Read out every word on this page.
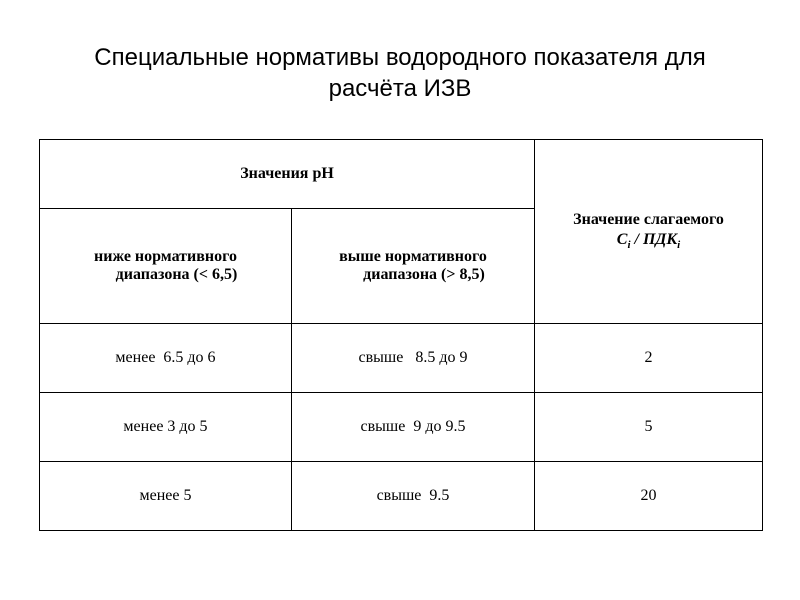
Специальные нормативы водородного показателя для
расчёта ИЗВ
Значения pH		Значение слагаемого
$C_i / ПДК_i$

ниже нормативного
диапазона (< 6,5)	выше нормативного
диапазона (> 8,5)	
менее  6.5 до 6	свыше   8.5 до 9	2
менее 3 до 5	свыше  9 до 9.5	5
менее 5	свыше  9.5	20
